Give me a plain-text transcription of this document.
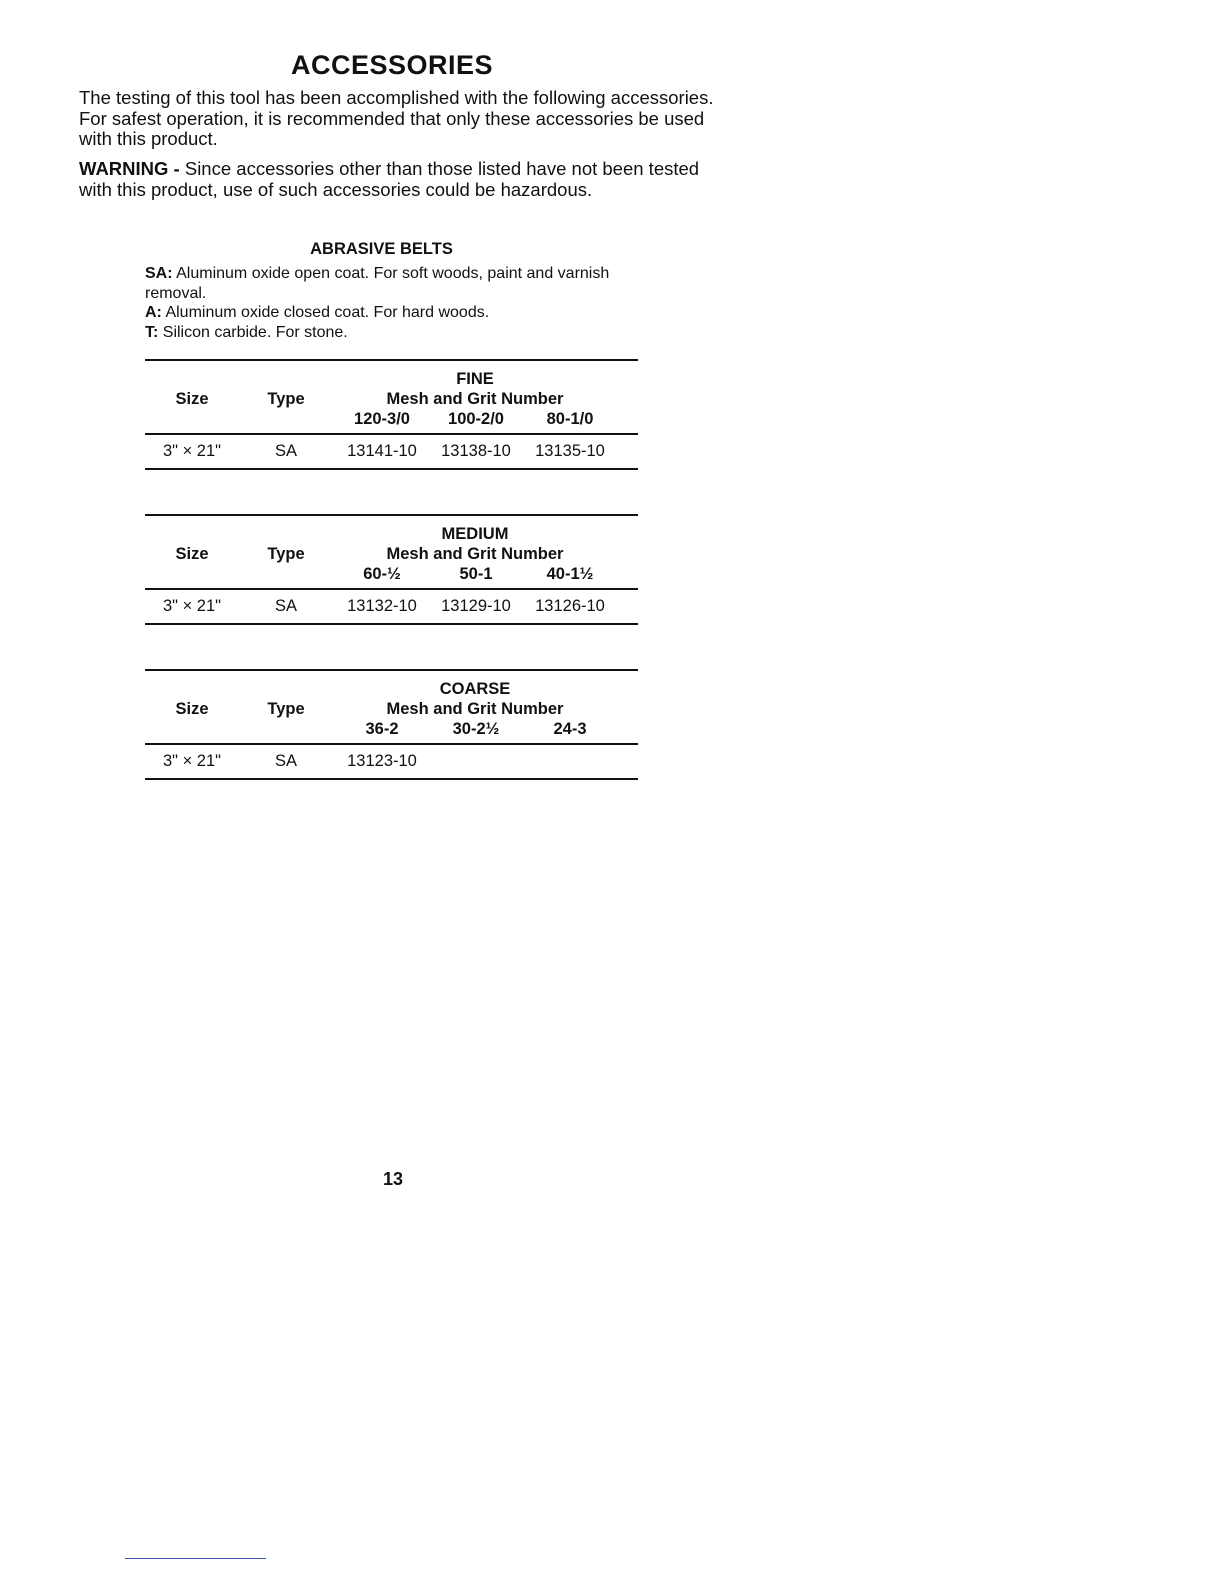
ACCESSORIES

The testing of this tool has been accomplished with the following accessories. For safest operation, it is recommended that only these accessories be used with this product.

WARNING - Since accessories other than those listed have not been tested with this product, use of such accessories could be hazardous.

ABRASIVE BELTS
SA: Aluminum oxide open coat. For soft woods, paint and varnish removal.
A: Aluminum oxide closed coat. For hard woods.
T: Silicon carbide. For stone.
Size	Type
FINE
Mesh and Grit Number
120-3/0	100-2/0	80-1/0
3" × 21"	SA	13141-10	13138-10	13135-10
Size	Type
MEDIUM
Mesh and Grit Number
60-½	50-1	40-1½
3" × 21"	SA	13132-10	13129-10	13126-10
Size	Type
COARSE
Mesh and Grit Number
36-2	30-2½	24-3
3" × 21"	SA	13123-10
13
